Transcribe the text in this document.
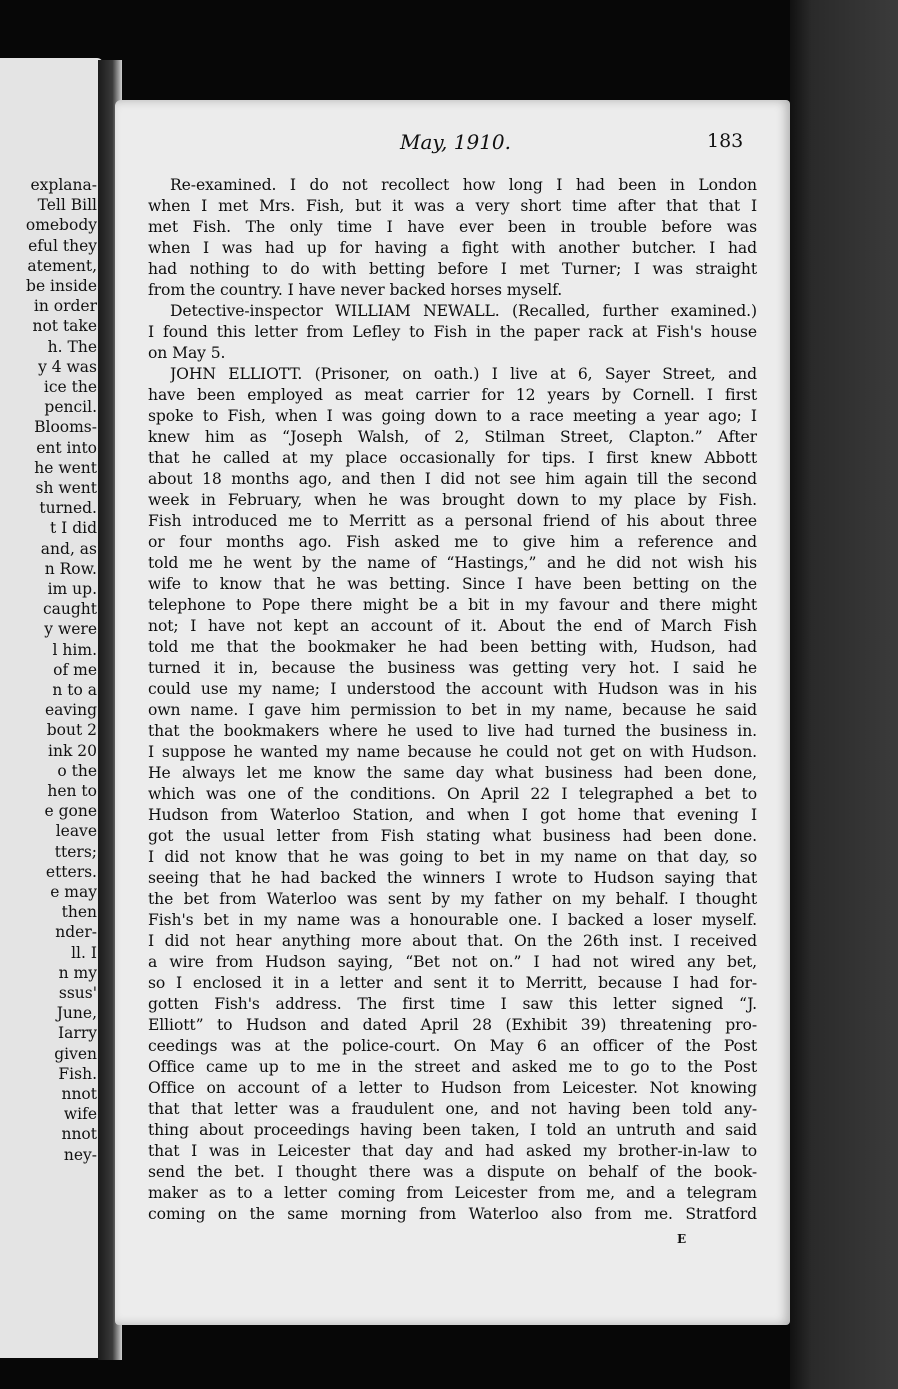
explana-

Tell Bill

omebody

eful they

atement,

be inside

in order

not take

h. The

y 4 was

ice the

pencil.

Blooms-

ent into

he went

sh went

turned.

t I did

and, as

n Row.

im up.

caught

y were

l him.

of me

n to a

eaving

bout 2

ink 20

o the

hen to

e gone

leave

tters;

etters.

e may

then

nder-

ll. I

n my

ssus'

June,

Iarry

given

Fish.

nnot

wife

nnot

ney-

May, 1910.	183

Re-examined. I do not recollect how long I had been in London

when I met Mrs. Fish, but it was a very short time after that that I

met Fish. The only time I have ever been in trouble before was

when I was had up for having a fight with another butcher. I had

had nothing to do with betting before I met Turner; I was straight

from the country. I have never backed horses myself.

Detective-inspector WILLIAM NEWALL. (Recalled, further examined.)

I found this letter from Lefley to Fish in the paper rack at Fish's house

on May 5.

JOHN ELLIOTT. (Prisoner, on oath.) I live at 6, Sayer Street, and

have been employed as meat carrier for 12 years by Cornell. I first

spoke to Fish, when I was going down to a race meeting a year ago; I

knew him as “Joseph Walsh, of 2, Stilman Street, Clapton.” After

that he called at my place occasionally for tips. I first knew Abbott

about 18 months ago, and then I did not see him again till the second

week in February, when he was brought down to my place by Fish.

Fish introduced me to Merritt as a personal friend of his about three

or four months ago. Fish asked me to give him a reference and

told me he went by the name of “Hastings,” and he did not wish his

wife to know that he was betting. Since I have been betting on the

telephone to Pope there might be a bit in my favour and there might

not; I have not kept an account of it. About the end of March Fish

told me that the bookmaker he had been betting with, Hudson, had

turned it in, because the business was getting very hot. I said he

could use my name; I understood the account with Hudson was in his

own name. I gave him permission to bet in my name, because he said

that the bookmakers where he used to live had turned the business in.

I suppose he wanted my name because he could not get on with Hudson.

He always let me know the same day what business had been done,

which was one of the conditions. On April 22 I telegraphed a bet to

Hudson from Waterloo Station, and when I got home that evening I

got the usual letter from Fish stating what business had been done.

I did not know that he was going to bet in my name on that day, so

seeing that he had backed the winners I wrote to Hudson saying that

the bet from Waterloo was sent by my father on my behalf. I thought

Fish's bet in my name was a honourable one. I backed a loser myself.

I did not hear anything more about that. On the 26th inst. I received

a wire from Hudson saying, “Bet not on.” I had not wired any bet,

so I enclosed it in a letter and sent it to Merritt, because I had for-

gotten Fish's address. The first time I saw this letter signed “J.

Elliott” to Hudson and dated April 28 (Exhibit 39) threatening pro-

ceedings was at the police-court. On May 6 an officer of the Post

Office came up to me in the street and asked me to go to the Post

Office on account of a letter to Hudson from Leicester. Not knowing

that that letter was a fraudulent one, and not having been told any-

thing about proceedings having been taken, I told an untruth and said

that I was in Leicester that day and had asked my brother-in-law to

send the bet. I thought there was a dispute on behalf of the book-

maker as to a letter coming from Leicester from me, and a telegram

coming on the same morning from Waterloo also from me. Stratford

E
